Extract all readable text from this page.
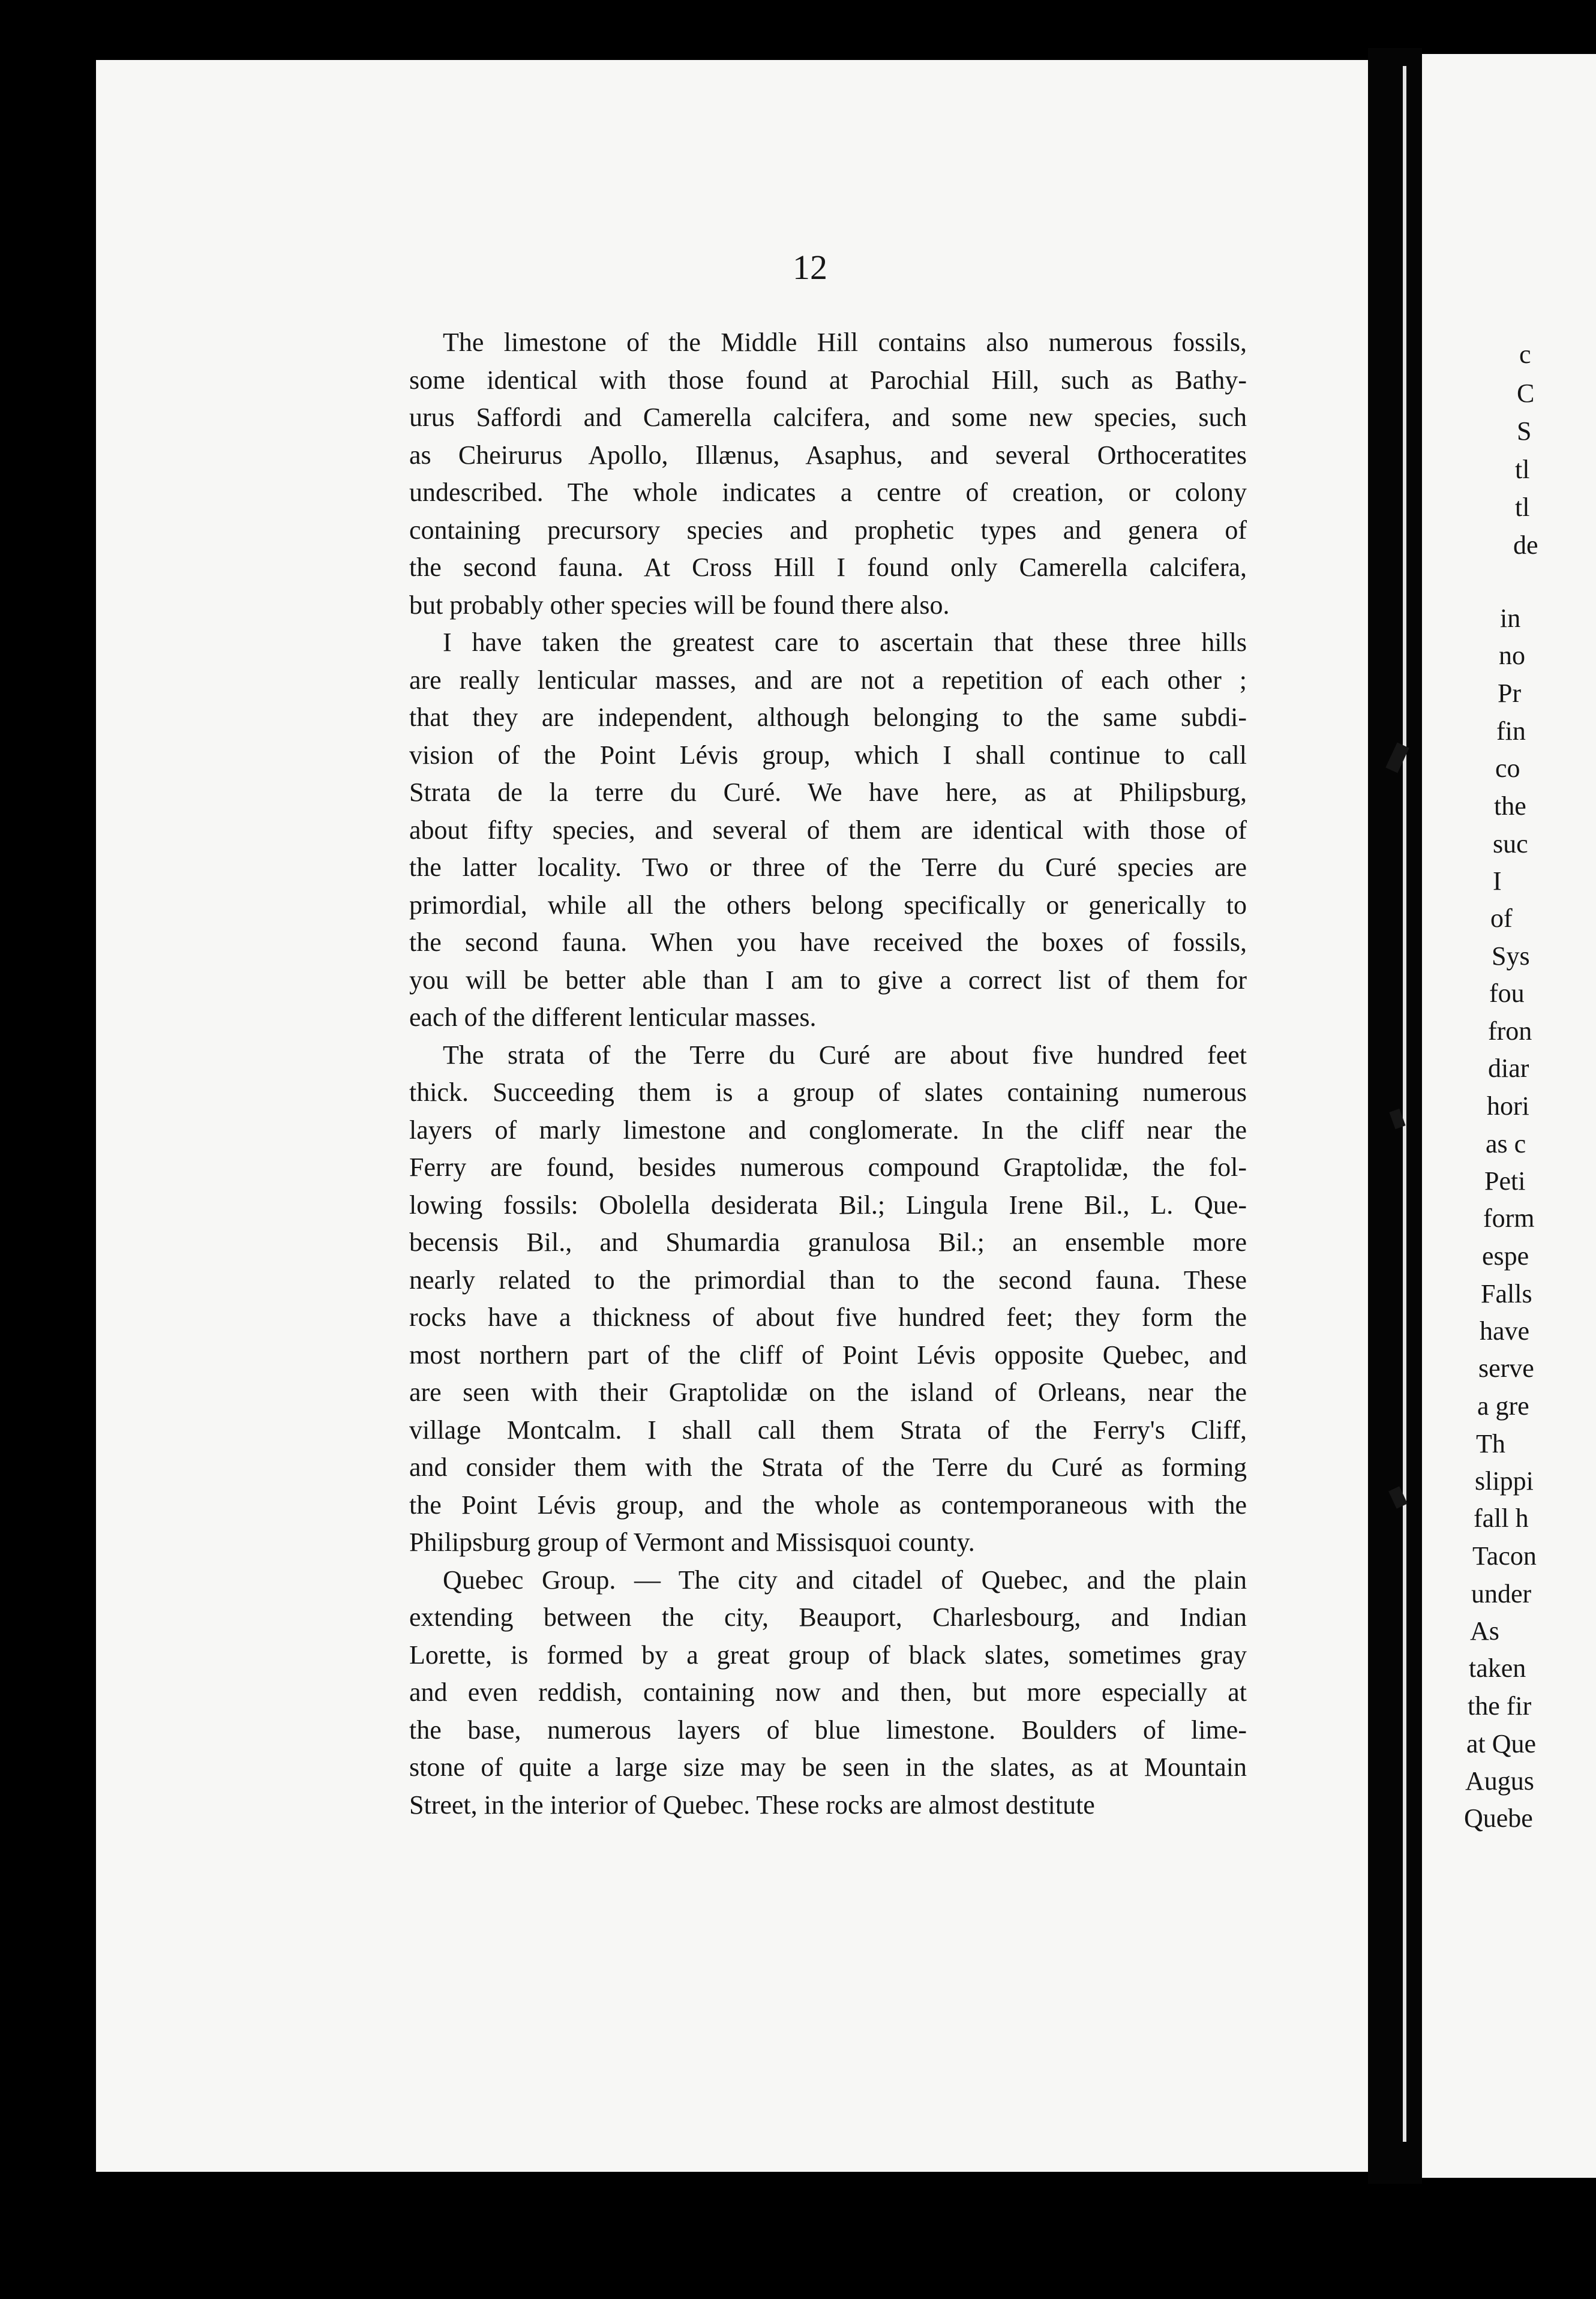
12
The limestone of the Middle Hill contains also numerous fossils,
some identical with those found at Parochial Hill, such as Bathy-
urus Saffordi and Camerella calcifera, and some new species, such
as Cheirurus Apollo, Illænus, Asaphus, and several Orthoceratites
undescribed. The whole indicates a centre of creation, or colony
containing precursory species and prophetic types and genera of
the second fauna. At Cross Hill I found only Camerella calcifera,
but probably other species will be found there also.
I have taken the greatest care to ascertain that these three hills
are really lenticular masses, and are not a repetition of each other ;
that they are independent, although belonging to the same subdi-
vision of the Point Lévis group, which I shall continue to call
Strata de la terre du Curé. We have here, as at Philipsburg,
about fifty species, and several of them are identical with those of
the latter locality. Two or three of the Terre du Curé species are
primordial, while all the others belong specifically or generically to
the second fauna. When you have received the boxes of fossils,
you will be better able than I am to give a correct list of them for
each of the different lenticular masses.
The strata of the Terre du Curé are about five hundred feet
thick. Succeeding them is a group of slates containing numerous
layers of marly limestone and conglomerate. In the cliff near the
Ferry are found, besides numerous compound Graptolidæ, the fol-
lowing fossils: Obolella desiderata Bil.; Lingula Irene Bil., L. Que-
becensis Bil., and Shumardia granulosa Bil.; an ensemble more
nearly related to the primordial than to the second fauna. These
rocks have a thickness of about five hundred feet; they form the
most northern part of the cliff of Point Lévis opposite Quebec, and
are seen with their Graptolidæ on the island of Orleans, near the
village Montcalm. I shall call them Strata of the Ferry's Cliff,
and consider them with the Strata of the Terre du Curé as forming
the Point Lévis group, and the whole as contemporaneous with the
Philipsburg group of Vermont and Missisquoi county.
Quebec Group. — The city and citadel of Quebec, and the plain
extending between the city, Beauport, Charlesbourg, and Indian
Lorette, is formed by a great group of black slates, sometimes gray
and even reddish, containing now and then, but more especially at
the base, numerous layers of blue limestone. Boulders of lime-
stone of quite a large size may be seen in the slates, as at Mountain
Street, in the interior of Quebec. These rocks are almost destitute
c
C
S
tl
tl
de
in
no
Pr
fin
co
the
suc
I
of
Sys
fou
fron
diar
hori
as c
Peti
form
espe
Falls
have
serve
a gre
Th
slippi
fall h
Tacon
under
As
taken
the fir
at Que
Augus
Quebe
